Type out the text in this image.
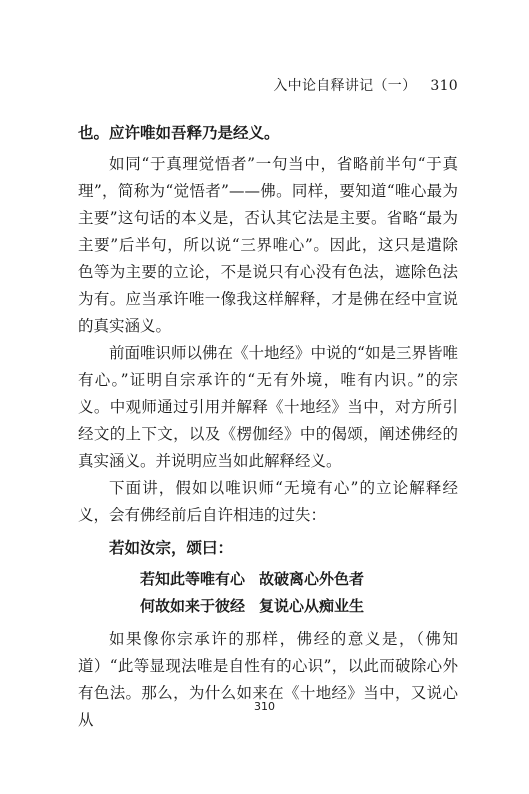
入中论自释讲记（一） 310

也。应许唯如吾释乃是经义。

如同“于真理觉悟者”一句当中，省略前半句“于真理”，简称为“觉悟者”——佛。同样，要知道“唯心最为主要”这句话的本义是，否认其它法是主要。省略“最为主要”后半句，所以说“三界唯心”。因此，这只是遣除色等为主要的立论，不是说只有心没有色法，遮除色法为有。应当承许唯一像我这样解释，才是佛在经中宣说的真实涵义。

前面唯识师以佛在《十地经》中说的“如是三界皆唯有心。”证明自宗承许的“无有外境，唯有内识。”的宗义。中观师通过引用并解释《十地经》当中，对方所引经文的上下文，以及《楞伽经》中的偈颂，阐述佛经的真实涵义。并说明应当如此解释经义。

下面讲，假如以唯识师“无境有心”的立论解释经义，会有佛经前后自许相违的过失：

若如汝宗，颂曰：

若知此等唯有心 故破离心外色者
何故如来于彼经 复说心从痴业生

如果像你宗承许的那样，佛经的意义是，（佛知道）“此等显现法唯是自性有的心识”，以此而破除心外有色法。那么，为什么如来在《十地经》当中，又说心从

310
